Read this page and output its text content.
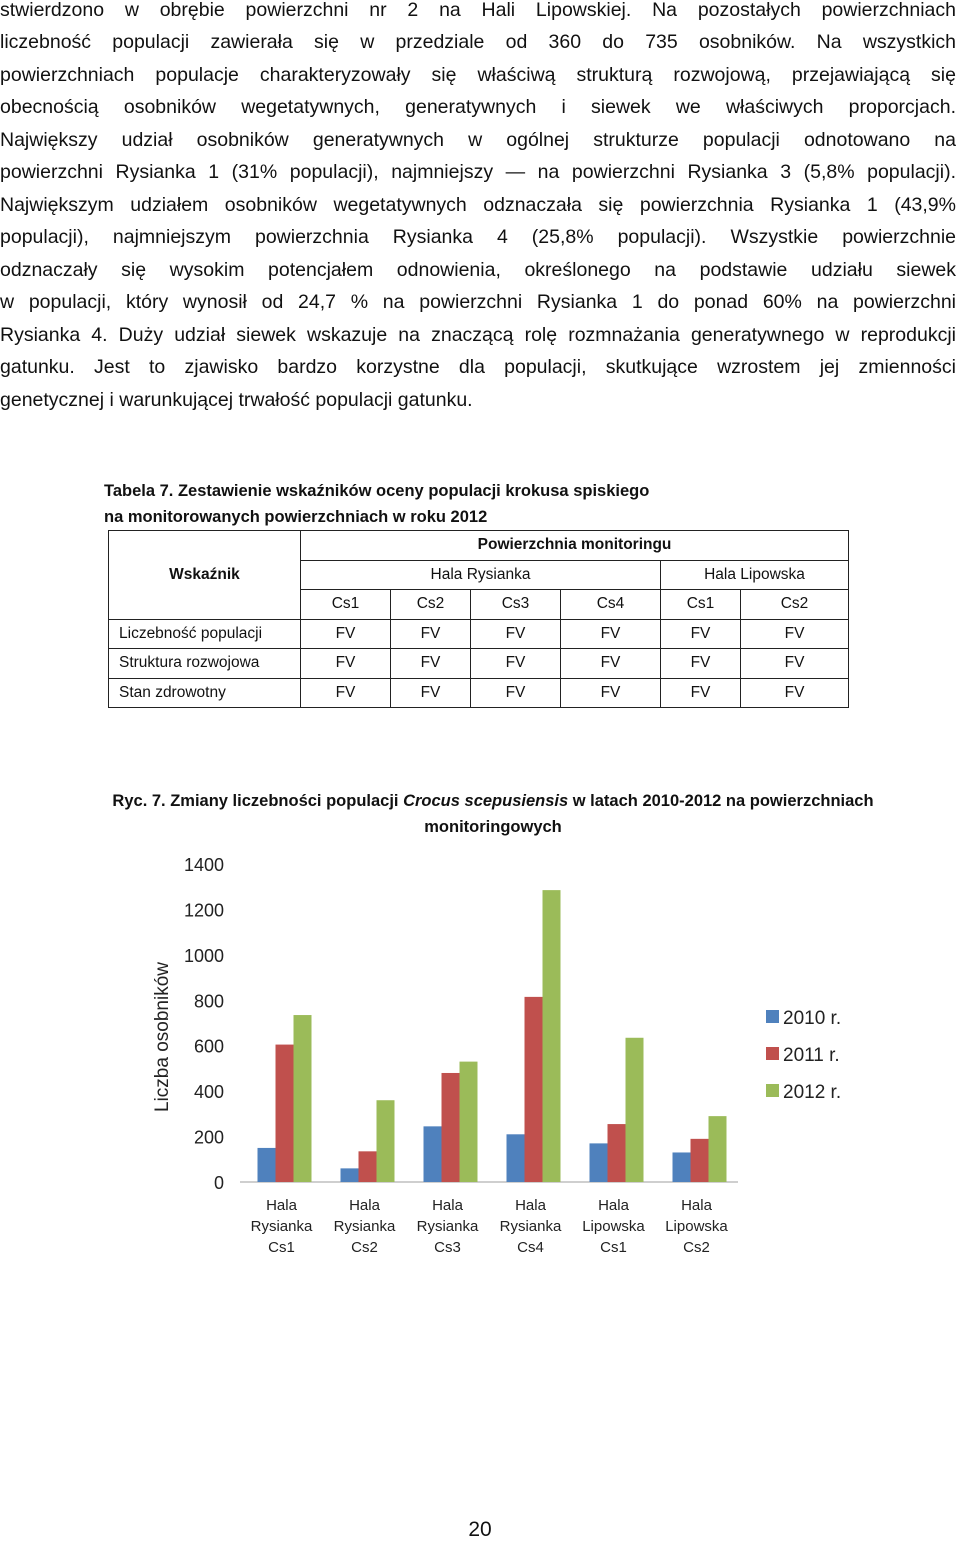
stwierdzono w obrębie powierzchni nr 2 na Hali Lipowskiej. Na pozostałych powierzchniach
liczebność populacji zawierała się w przedziale od 360 do 735 osobników. Na wszystkich
powierzchniach populacje charakteryzowały się właściwą strukturą rozwojową, przejawiającą się
obecnością osobników wegetatywnych, generatywnych i siewek we właściwych proporcjach.
Największy udział osobników generatywnych w ogólnej strukturze populacji odnotowano na
powierzchni Rysianka 1 (31% populacji), najmniejszy — na powierzchni Rysianka 3 (5,8% populacji).
Największym udziałem osobników wegetatywnych odznaczała się powierzchnia Rysianka 1 (43,9%
populacji), najmniejszym powierzchnia Rysianka 4 (25,8% populacji). Wszystkie powierzchnie
odznaczały się wysokim potencjałem odnowienia, określonego na podstawie udziału siewek
w populacji, który wynosił od 24,7 % na powierzchni Rysianka 1 do ponad 60% na powierzchni
Rysianka 4. Duży udział siewek wskazuje na znaczącą rolę rozmnażania generatywnego w reprodukcji
gatunku. Jest to zjawisko bardzo korzystne dla populacji, skutkujące wzrostem jej zmienności
genetycznej i warunkującej trwałość populacji gatunku.
Tabela 7. Zestawienie wskaźników oceny populacji krokusa spiskiego
na monitorowanych powierzchniach w roku 2012
Wskaźnik	Powierzchnia monitoringu					
	Hala Rysianka				Hala Lipowska	
	Cs1	Cs2	Cs3	Cs4	Cs1	Cs2
Liczebność populacji	FV	FV	FV	FV	FV	FV
Struktura rozwojowa	FV	FV	FV	FV	FV	FV
Stan zdrowotny	FV	FV	FV	FV	FV	FV
Ryc. 7. Zmiany liczebności populacji Crocus scepusiensis w latach 2010-2012 na powierzchniach
monitoringowych
0
200
400
600
800
1000
1200
1400
Liczba osobników
Hala
Rysianka
Cs1
Hala
Rysianka
Cs2
Hala
Rysianka
Cs3
Hala
Rysianka
Cs4
Hala
Lipowska
Cs1
Hala
Lipowska
Cs2
2010 r.
2011 r.
2012 r.
20
